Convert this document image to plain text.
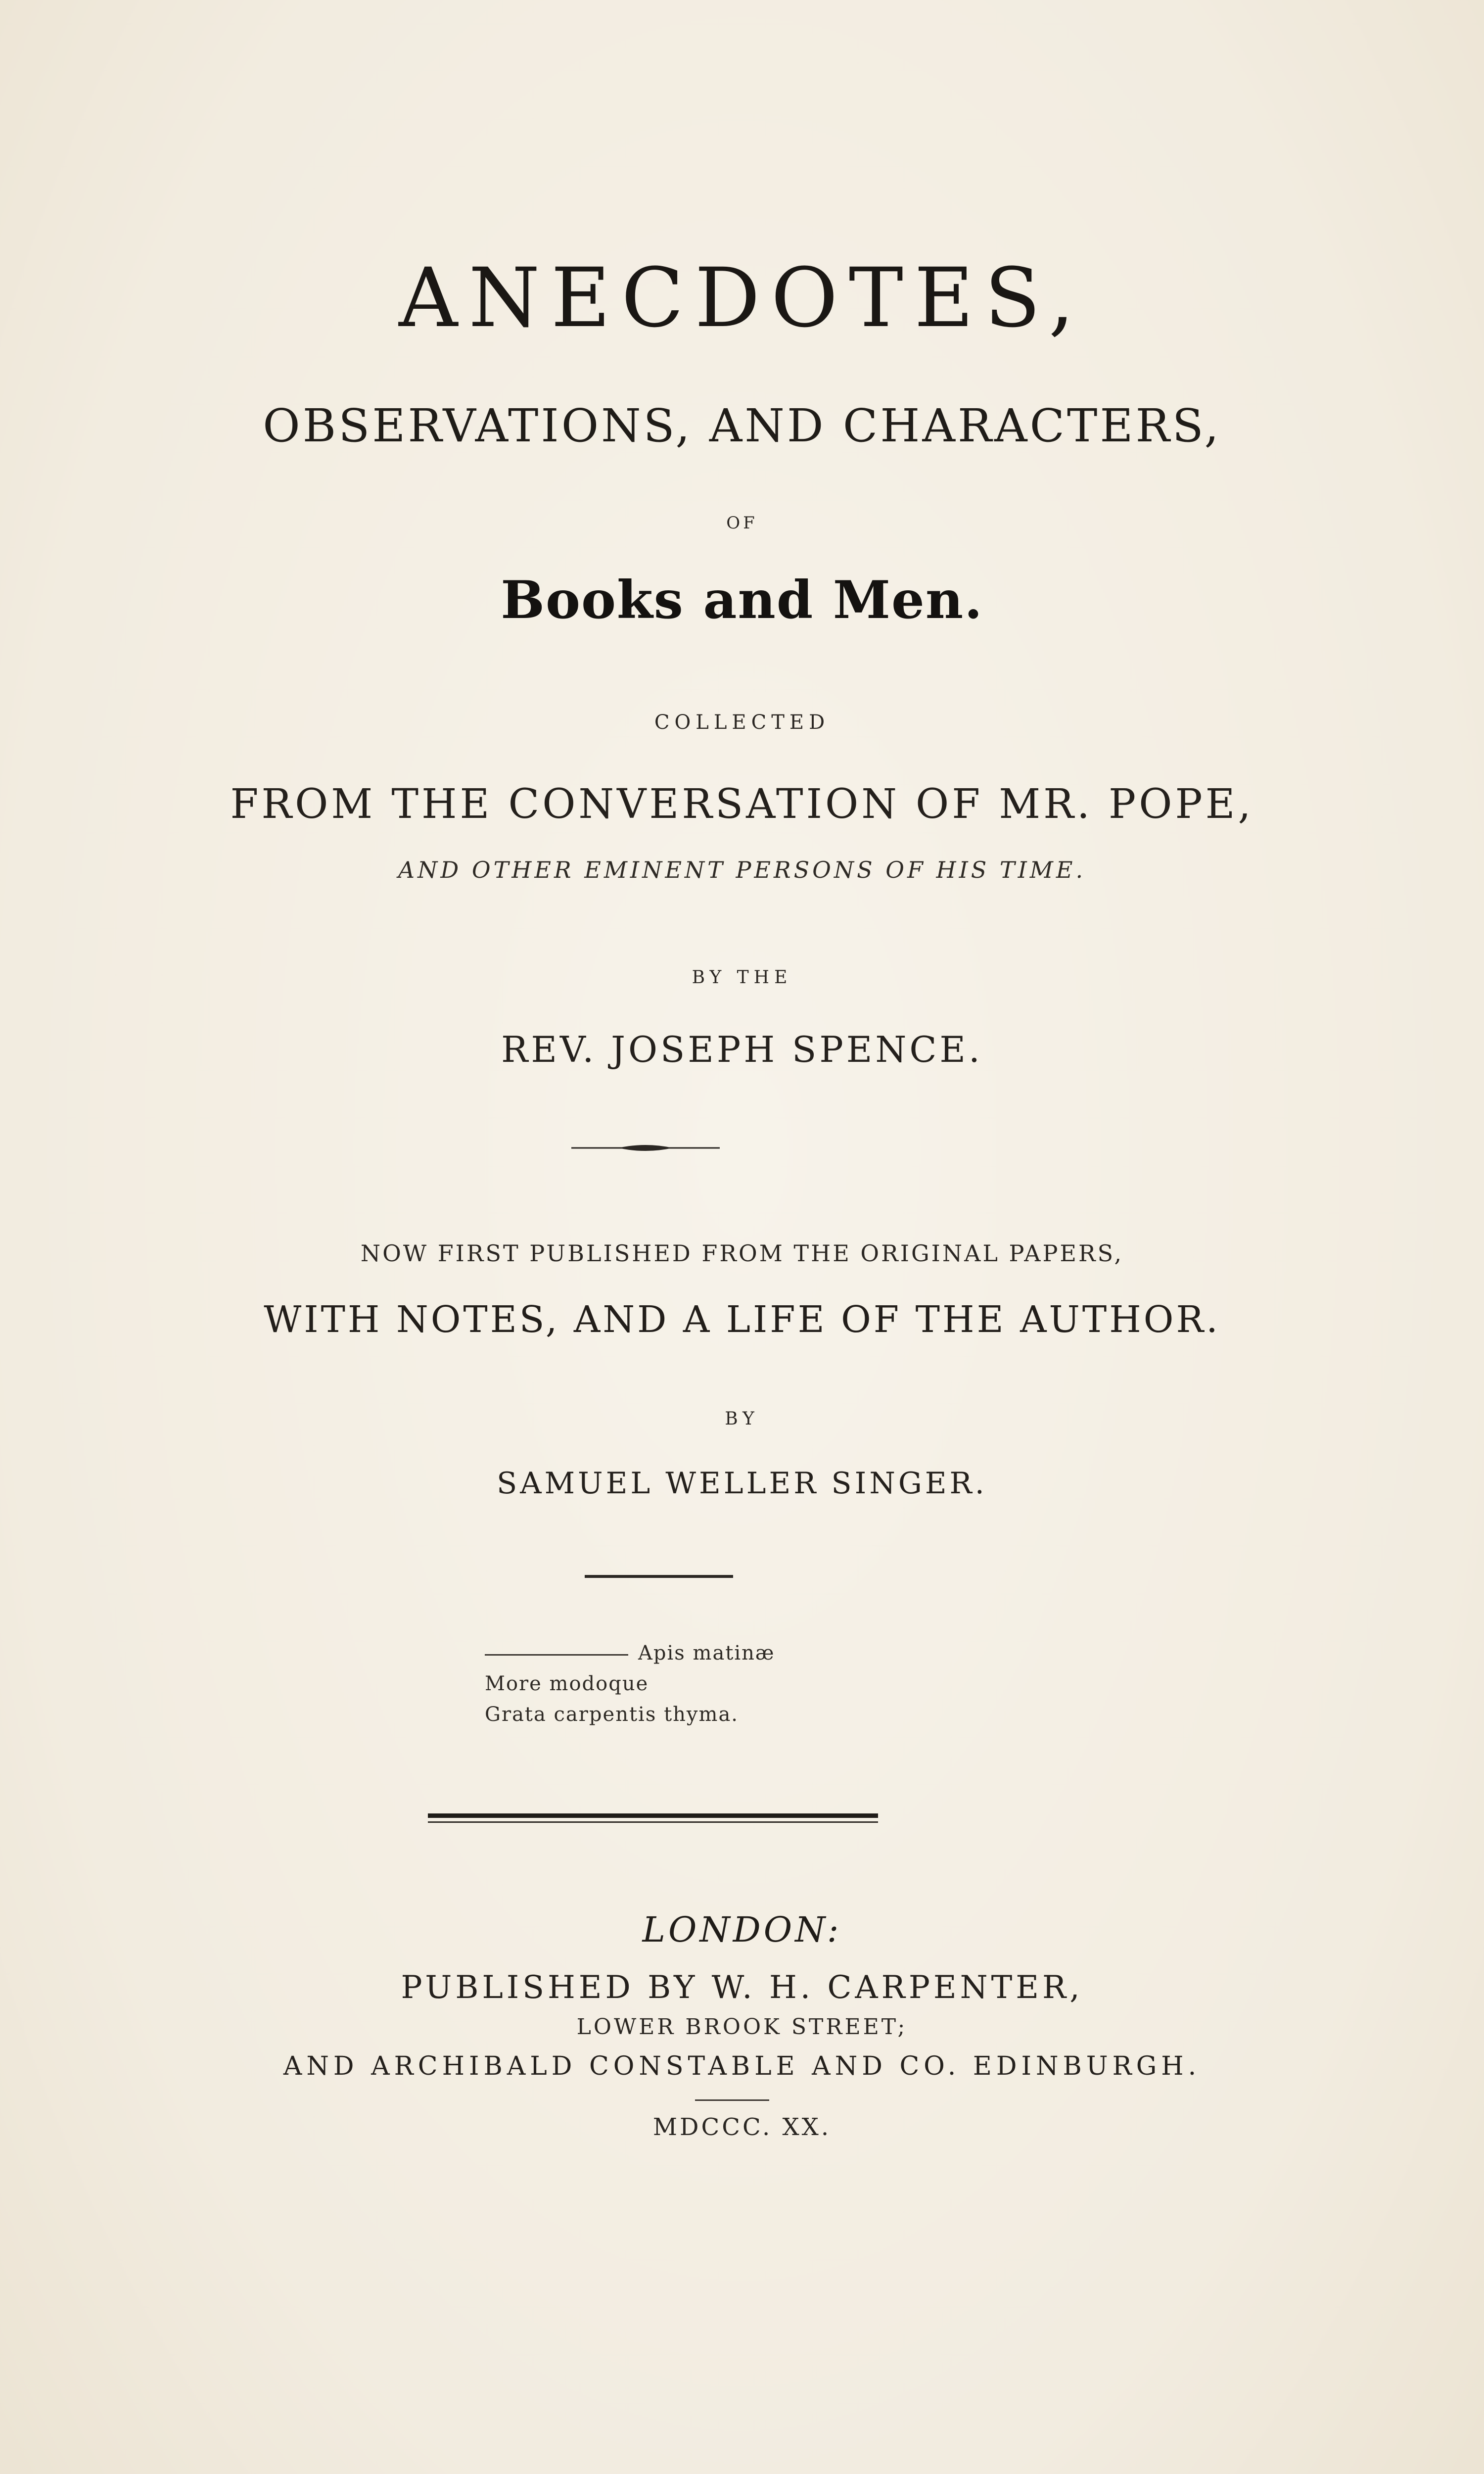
ANECDOTES,
OBSERVATIONS, AND CHARACTERS,
OF
Books and Men.
COLLECTED
FROM THE CONVERSATION OF MR. POPE,
AND OTHER EMINENT PERSONS OF HIS TIME.
BY THE
REV. JOSEPH SPENCE.
NOW FIRST PUBLISHED FROM THE ORIGINAL PAPERS,
WITH NOTES, AND A LIFE OF THE AUTHOR.
BY
SAMUEL WELLER SINGER.
Apis matinæ
More modoque
Grata carpentis thyma.
LONDON:
PUBLISHED BY W. H. CARPENTER,
LOWER BROOK STREET;
AND ARCHIBALD CONSTABLE AND CO. EDINBURGH.
MDCCC. XX.
